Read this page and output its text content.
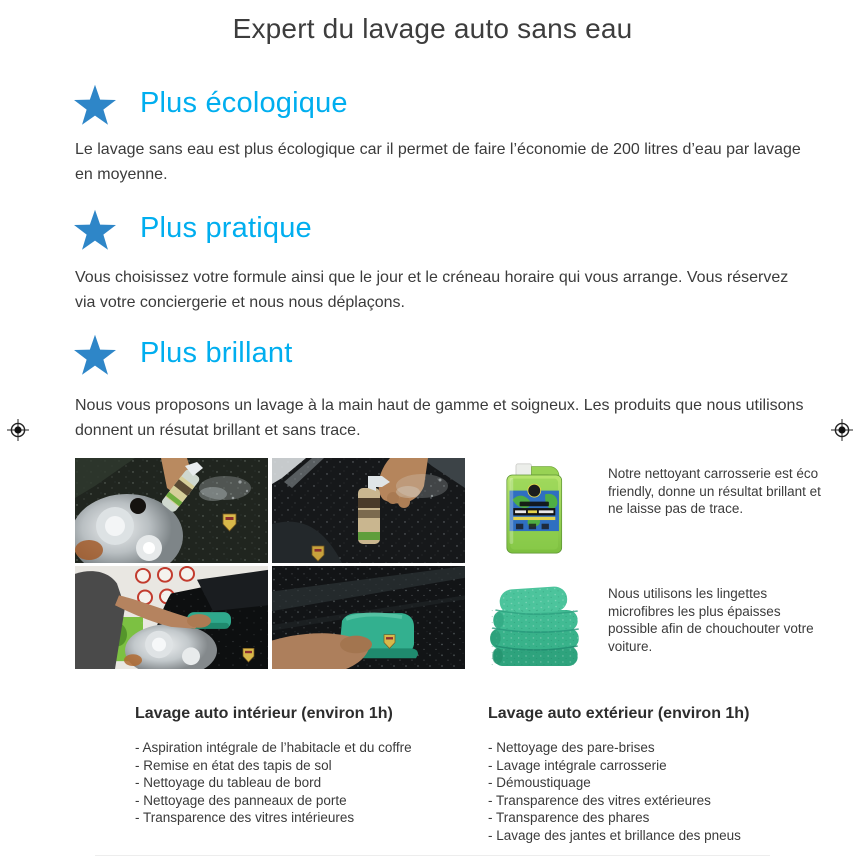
Expert du lavage auto sans eau
Plus écologique
Le lavage sans eau est plus écologique car il permet de faire l’économie de 200 litres d’eau par lavage en moyenne.
Plus pratique
Vous choisissez votre formule ainsi que le jour et le créneau horaire qui vous arrange. Vous réservez via votre conciergerie et nous nous déplaçons.
Plus brillant
Nous vous proposons un lavage à la main haut de gamme et soigneux. Les produits que nous utilisons donnent un résutat brillant et sans trace.
Notre nettoyant carrosserie est éco friendly, donne un résultat brillant et ne laisse pas de trace.
Nous utilisons les lingettes microfibres les plus épaisses possible afin de chouchouter votre voiture.
Lavage auto intérieur (environ 1h)
- Aspiration intégrale de l’habitacle et du coffre
- Remise en état des tapis de sol
- Nettoyage du tableau de bord
- Nettoyage des panneaux de porte
- Transparence des vitres intérieures
Lavage auto extérieur (environ 1h)
- Nettoyage des pare-brises
- Lavage intégrale carrosserie
- Démoustiquage
- Transparence des vitres extérieures
- Transparence des phares
- Lavage des jantes et brillance des pneus
